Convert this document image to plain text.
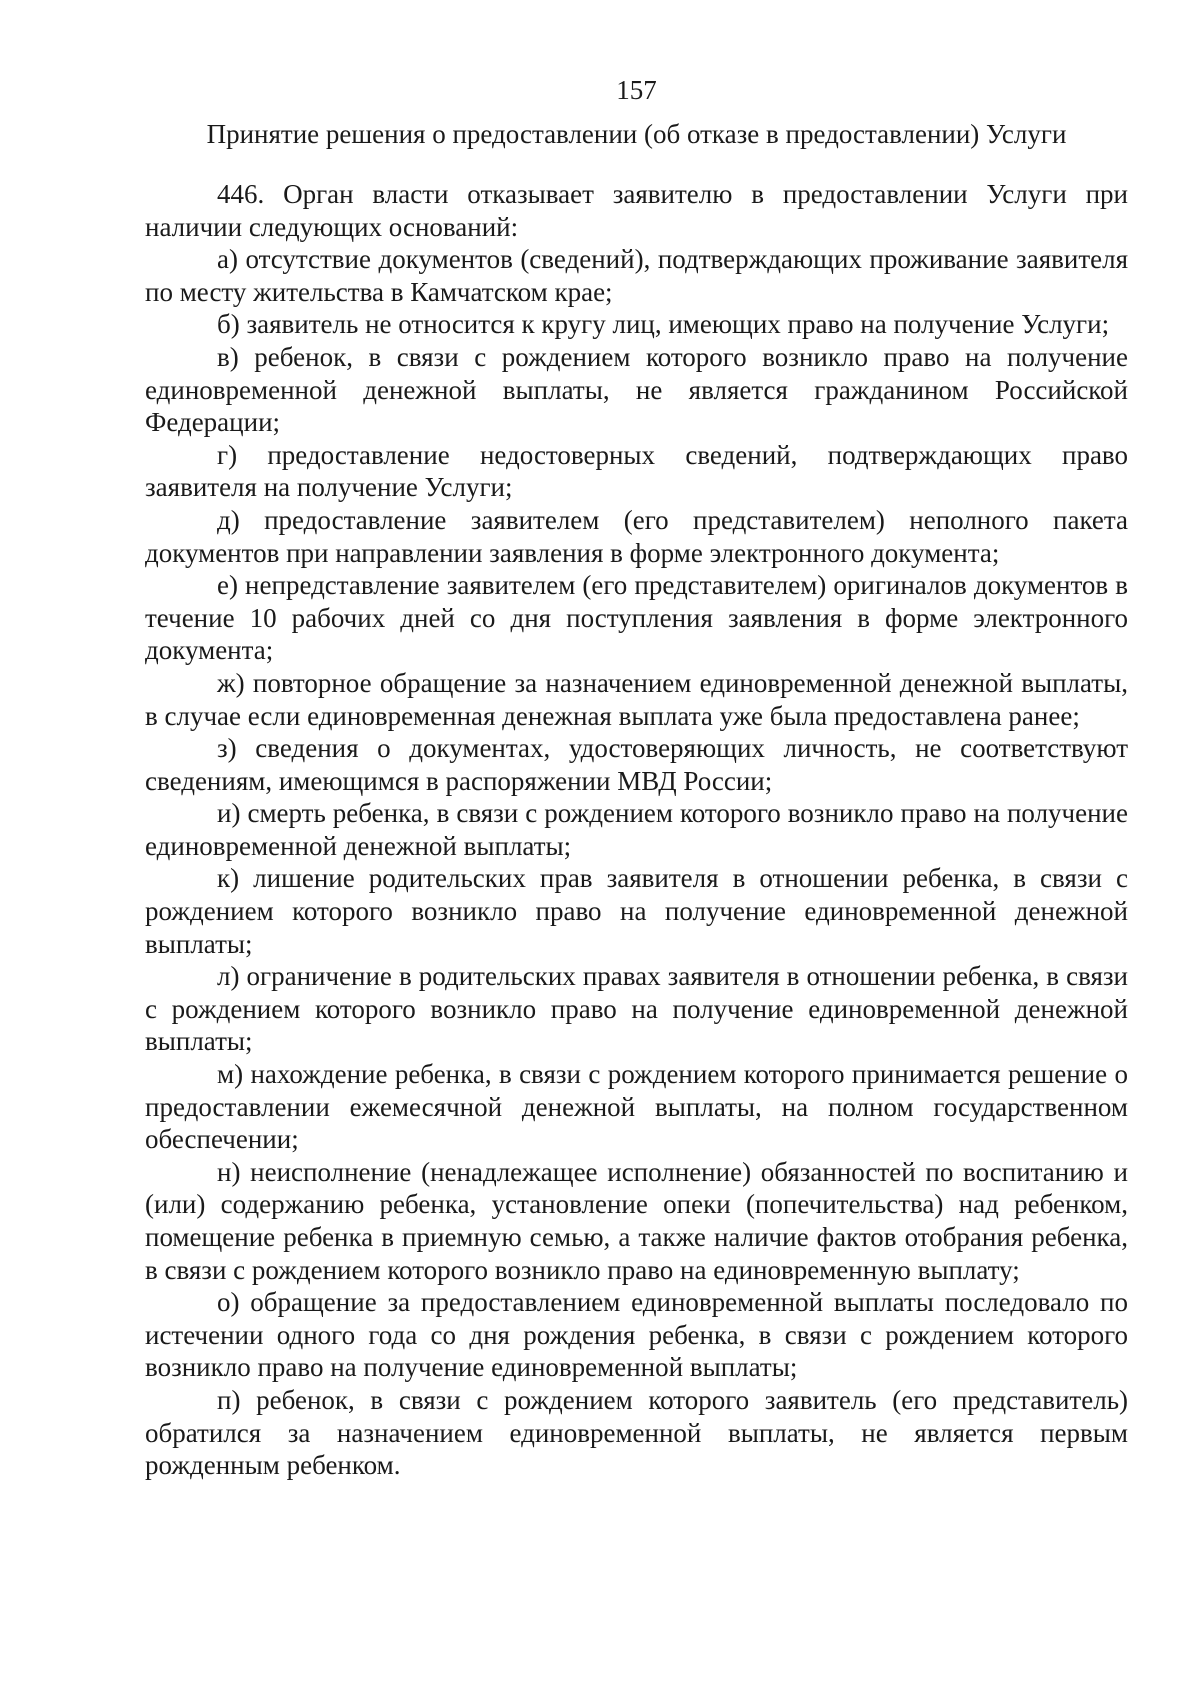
157
Принятие решения о предоставлении (об отказе в предоставлении) Услуги

446. Орган власти отказывает заявителю в предоставлении Услуги при наличии следующих оснований:

а) отсутствие документов (сведений), подтверждающих проживание заявителя по месту жительства в Камчатском крае;

б) заявитель не относится к кругу лиц, имеющих право на получение Услуги;

в) ребенок, в связи с рождением которого возникло право на получение единовременной денежной выплаты, не является гражданином Российской Федерации;

г) предоставление недостоверных сведений, подтверждающих право заявителя на получение Услуги;

д) предоставление заявителем (его представителем) неполного пакета документов при направлении заявления в форме электронного документа;

е) непредставление заявителем (его представителем) оригиналов документов в течение 10 рабочих дней со дня поступления заявления в форме электронного документа;

ж) повторное обращение за назначением единовременной денежной выплаты, в случае если единовременная денежная выплата уже была предоставлена ранее;

з) сведения о документах, удостоверяющих личность, не соответствуют сведениям, имеющимся в распоряжении МВД России;

и) смерть ребенка, в связи с рождением которого возникло право на получение единовременной денежной выплаты;

к) лишение родительских прав заявителя в отношении ребенка, в связи с рождением которого возникло право на получение единовременной денежной выплаты;

л) ограничение в родительских правах заявителя в отношении ребенка, в связи с рождением которого возникло право на получение единовременной денежной выплаты;

м) нахождение ребенка, в связи с рождением которого принимается решение о предоставлении ежемесячной денежной выплаты, на полном государственном обеспечении;

н) неисполнение (ненадлежащее исполнение) обязанностей по воспитанию и (или) содержанию ребенка, установление опеки (попечительства) над ребенком, помещение ребенка в приемную семью, а также наличие фактов отобрания ребенка, в связи с рождением которого возникло право на единовременную выплату;

о) обращение за предоставлением единовременной выплаты последовало по истечении одного года со дня рождения ребенка, в связи с рождением которого возникло право на получение единовременной выплаты;

п) ребенок, в связи с рождением которого заявитель (его представитель) обратился за назначением единовременной выплаты, не является первым рожденным ребенком.
